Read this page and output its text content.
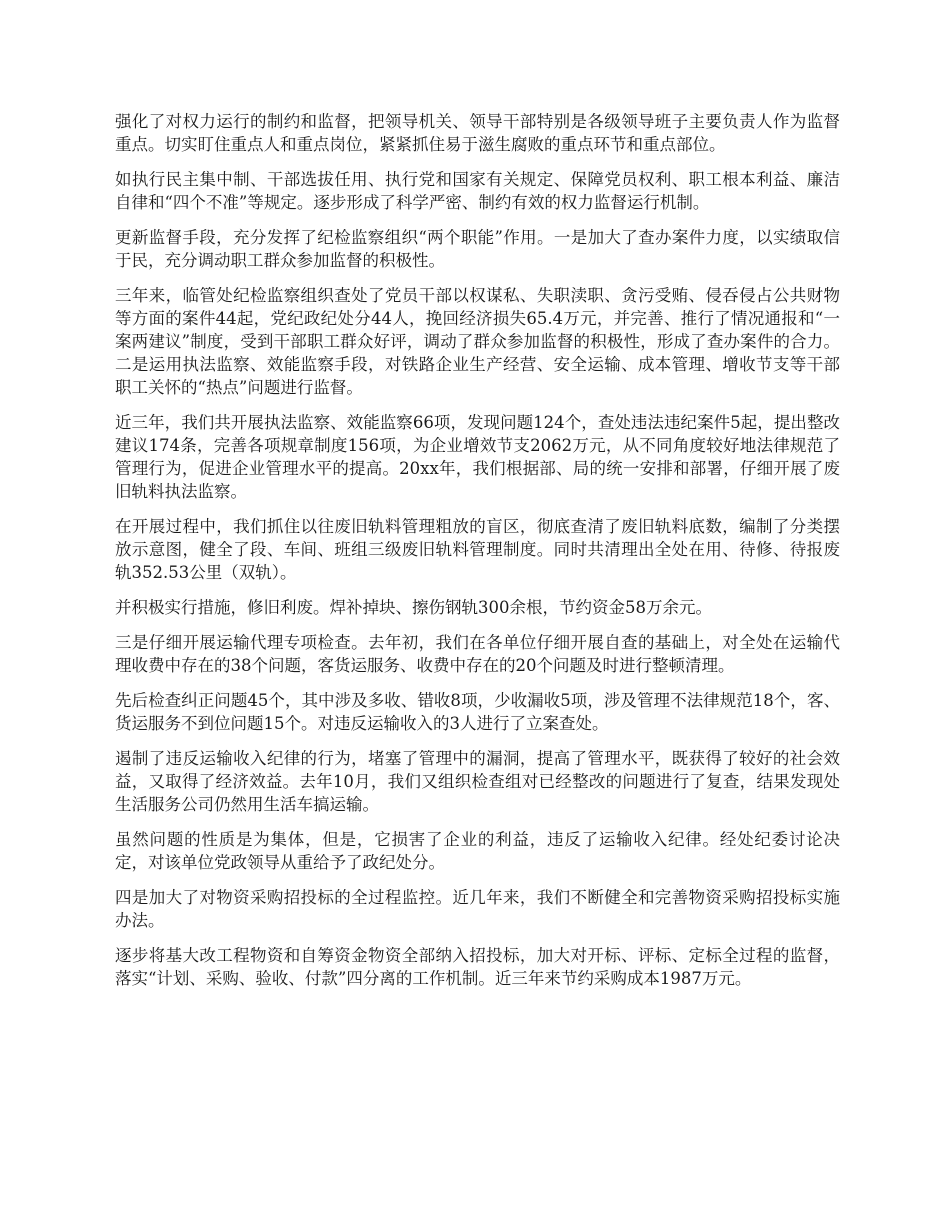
强化了对权力运行的制约和监督，把领导机关、领导干部特别是各级领导班子主要负责人作为监督重点。切实盯住重点人和重点岗位，紧紧抓住易于滋生腐败的重点环节和重点部位。

如执行民主集中制、干部选拔任用、执行党和国家有关规定、保障党员权利、职工根本利益、廉洁自律和“四个不准”等规定。逐步形成了科学严密、制约有效的权力监督运行机制。

更新监督手段，充分发挥了纪检监察组织“两个职能”作用。一是加大了查办案件力度，以实绩取信于民，充分调动职工群众参加监督的积极性。

三年来，临管处纪检监察组织查处了党员干部以权谋私、失职渎职、贪污受贿、侵吞侵占公共财物等方面的案件44起，党纪政纪处分44人，挽回经济损失65.4万元，并完善、推行了情况通报和“一案两建议”制度，受到干部职工群众好评，调动了群众参加监督的积极性，形成了查办案件的合力。二是运用执法监察、效能监察手段，对铁路企业生产经营、安全运输、成本管理、增收节支等干部职工关怀的“热点”问题进行监督。

近三年，我们共开展执法监察、效能监察66项，发现问题124个，查处违法违纪案件5起，提出整改建议174条，完善各项规章制度156项，为企业增效节支2062万元，从不同角度较好地法律规范了管理行为，促进企业管理水平的提高。20xx年，我们根据部、局的统一安排和部署，仔细开展了废旧轨料执法监察。

在开展过程中，我们抓住以往废旧轨料管理粗放的盲区，彻底查清了废旧轨料底数，编制了分类摆放示意图，健全了段、车间、班组三级废旧轨料管理制度。同时共清理出全处在用、待修、待报废轨352.53公里（双轨）。

并积极实行措施，修旧利废。焊补掉块、擦伤钢轨300余根，节约资金58万余元。

三是仔细开展运输代理专项检查。去年初，我们在各单位仔细开展自查的基础上，对全处在运输代理收费中存在的38个问题，客货运服务、收费中存在的20个问题及时进行整顿清理。

先后检查纠正问题45个，其中涉及多收、错收8项，少收漏收5项，涉及管理不法律规范18个，客、货运服务不到位问题15个。对违反运输收入的3人进行了立案查处。

遏制了违反运输收入纪律的行为，堵塞了管理中的漏洞，提高了管理水平，既获得了较好的社会效益，又取得了经济效益。去年10月，我们又组织检查组对已经整改的问题进行了复查，结果发现处生活服务公司仍然用生活车搞运输。

虽然问题的性质是为集体，但是，它损害了企业的利益，违反了运输收入纪律。经处纪委讨论决定，对该单位党政领导从重给予了政纪处分。

四是加大了对物资采购招投标的全过程监控。近几年来，我们不断健全和完善物资采购招投标实施办法。

逐步将基大改工程物资和自筹资金物资全部纳入招投标，加大对开标、评标、定标全过程的监督，落实“计划、采购、验收、付款”四分离的工作机制。近三年来节约采购成本1987万元。
